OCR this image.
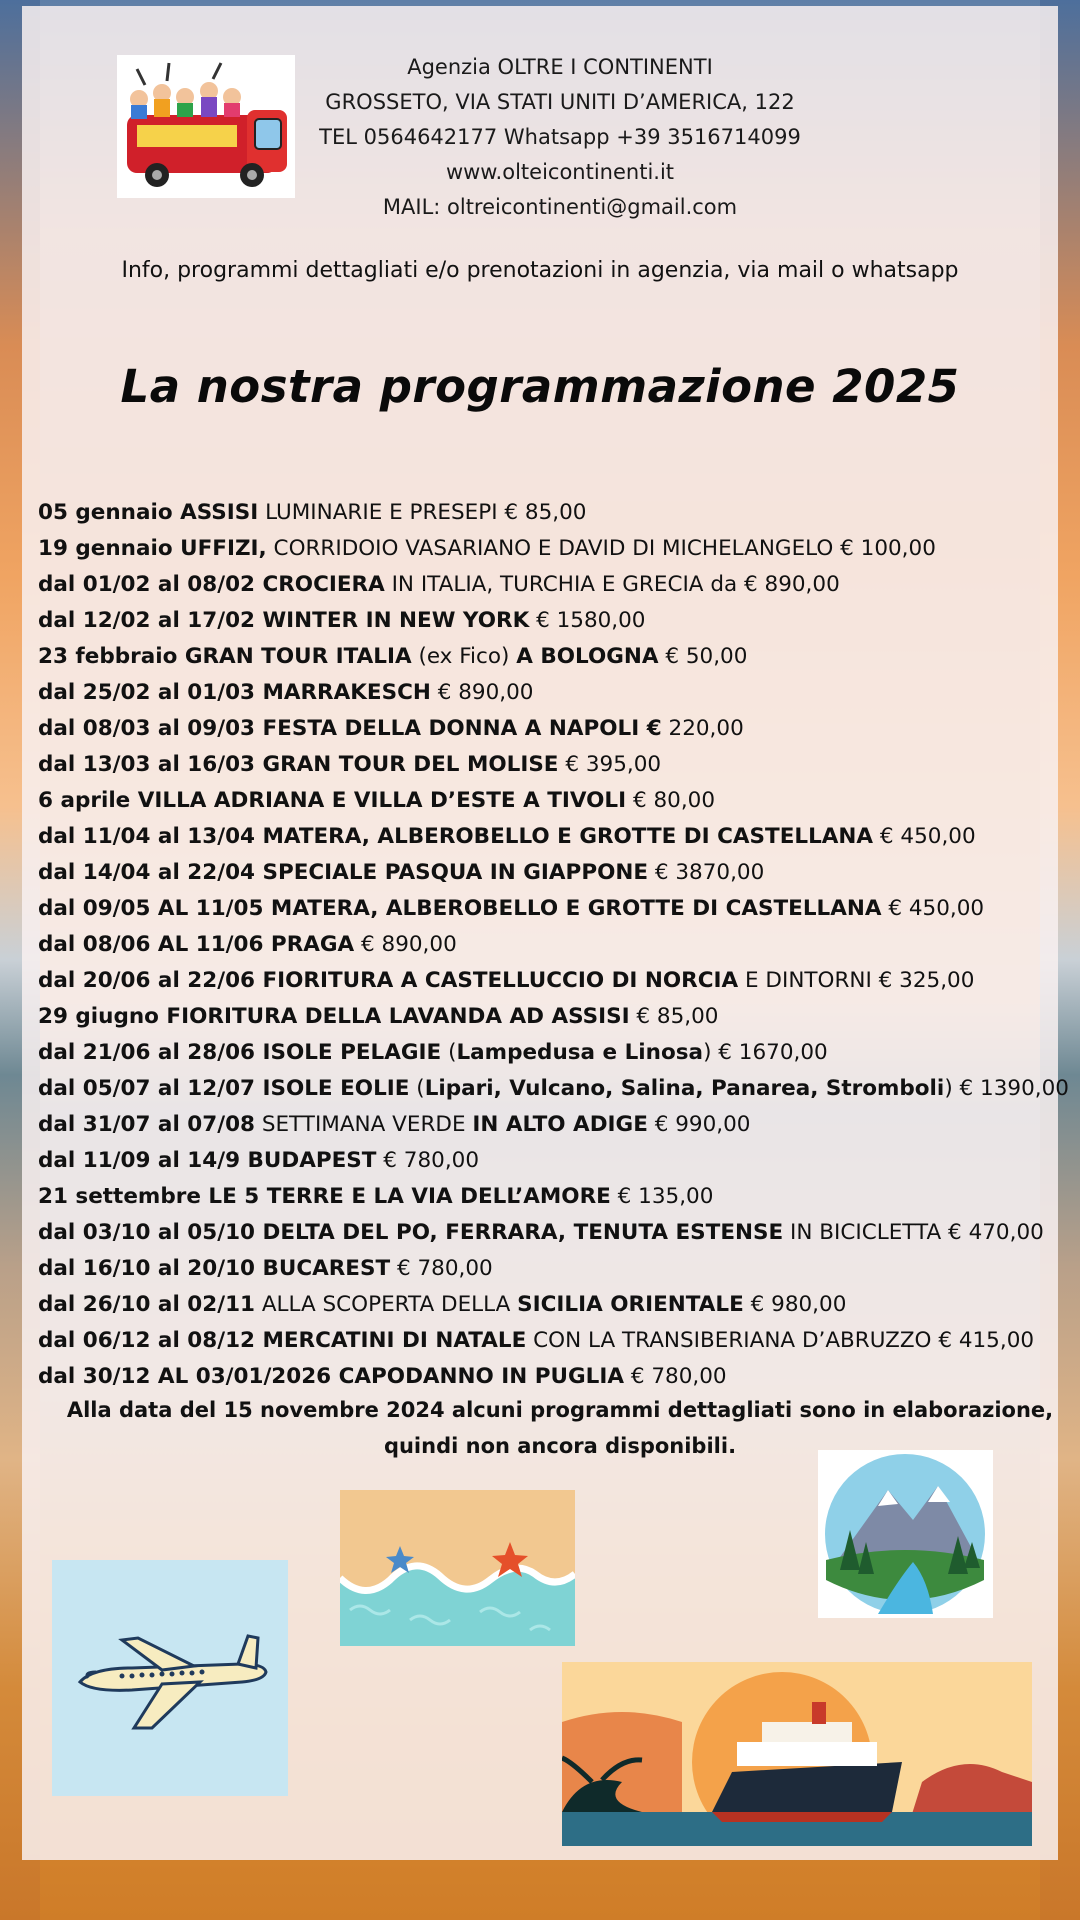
Agenzia OLTRE I CONTINENTI
GROSSETO, VIA STATI UNITI D’AMERICA, 122
TEL 0564642177 Whatsapp +39 3516714099
www.olteicontinenti.it
MAIL: oltreicontinenti@gmail.com
Info, programmi dettagliati e/o prenotazioni in agenzia, via mail o whatsapp
La nostra programmazione 2025
05 gennaio ASSISI LUMINARIE E PRESEPI € 85,00
19 gennaio UFFIZI, CORRIDOIO VASARIANO E DAVID DI MICHELANGELO € 100,00
dal 01/02 al 08/02 CROCIERA IN ITALIA, TURCHIA E GRECIA da € 890,00
dal 12/02 al 17/02 WINTER IN NEW YORK € 1580,00
23 febbraio GRAN TOUR ITALIA (ex Fico) A BOLOGNA € 50,00
dal 25/02 al 01/03 MARRAKESCH € 890,00
dal 08/03 al 09/03 FESTA DELLA DONNA A NAPOLI € 220,00
dal 13/03 al 16/03 GRAN TOUR DEL MOLISE € 395,00
6 aprile VILLA ADRIANA E VILLA D’ESTE A TIVOLI € 80,00
dal 11/04 al 13/04 MATERA, ALBEROBELLO E GROTTE DI CASTELLANA € 450,00
dal 14/04 al 22/04 SPECIALE PASQUA IN GIAPPONE € 3870,00
dal 09/05 AL 11/05 MATERA, ALBEROBELLO E GROTTE DI CASTELLANA € 450,00
dal 08/06 AL 11/06 PRAGA € 890,00
dal 20/06 al 22/06 FIORITURA A CASTELLUCCIO DI NORCIA E DINTORNI € 325,00
29 giugno FIORITURA DELLA LAVANDA AD ASSISI € 85,00
dal 21/06 al 28/06 ISOLE PELAGIE (Lampedusa e Linosa) € 1670,00
dal 05/07 al 12/07 ISOLE EOLIE (Lipari, Vulcano, Salina, Panarea, Stromboli) € 1390,00
dal 31/07 al 07/08 SETTIMANA VERDE IN ALTO ADIGE € 990,00
dal 11/09 al 14/9 BUDAPEST € 780,00
21 settembre LE 5 TERRE E LA VIA DELL’AMORE € 135,00
dal 03/10 al 05/10 DELTA DEL PO, FERRARA, TENUTA ESTENSE IN BICICLETTA € 470,00
dal 16/10 al 20/10 BUCAREST € 780,00
dal 26/10 al 02/11 ALLA SCOPERTA DELLA SICILIA ORIENTALE € 980,00
dal 06/12 al 08/12 MERCATINI DI NATALE CON LA TRANSIBERIANA D’ABRUZZO € 415,00
dal 30/12 AL 03/01/2026 CAPODANNO IN PUGLIA € 780,00
Alla data del 15 novembre 2024 alcuni programmi dettagliati sono in elaborazione,
quindi non ancora disponibili.
